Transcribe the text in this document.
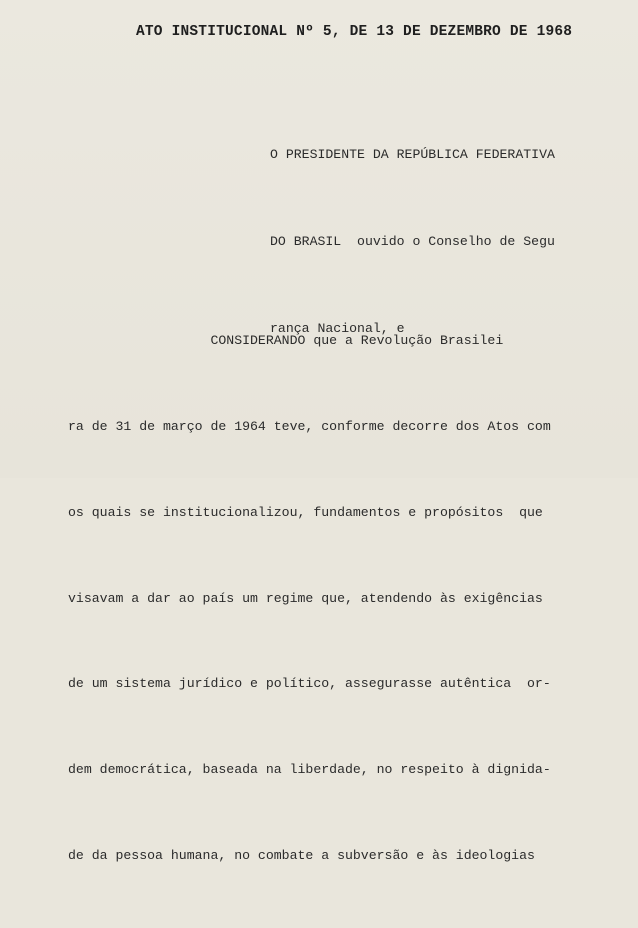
ATO INSTITUCIONAL Nº 5, DE 13 DE DEZEMBRO DE 1968

O PRESIDENTE DA REPÚBLICA FEDERATIVA

DO BRASIL  ouvido o Conselho de Segu

rança Nacional, e

CONSIDERANDO que a Revolução Brasilei

ra de 31 de março de 1964 teve, conforme decorre dos Atos com

os quais se institucionalizou, fundamentos e propósitos  que

visavam a dar ao país um regime que, atendendo às exigências

de um sistema jurídico e político, assegurasse autêntica  or-

dem democrática, baseada na liberdade, no respeito à dignida-

de da pessoa humana, no combate a subversão e às ideologias
